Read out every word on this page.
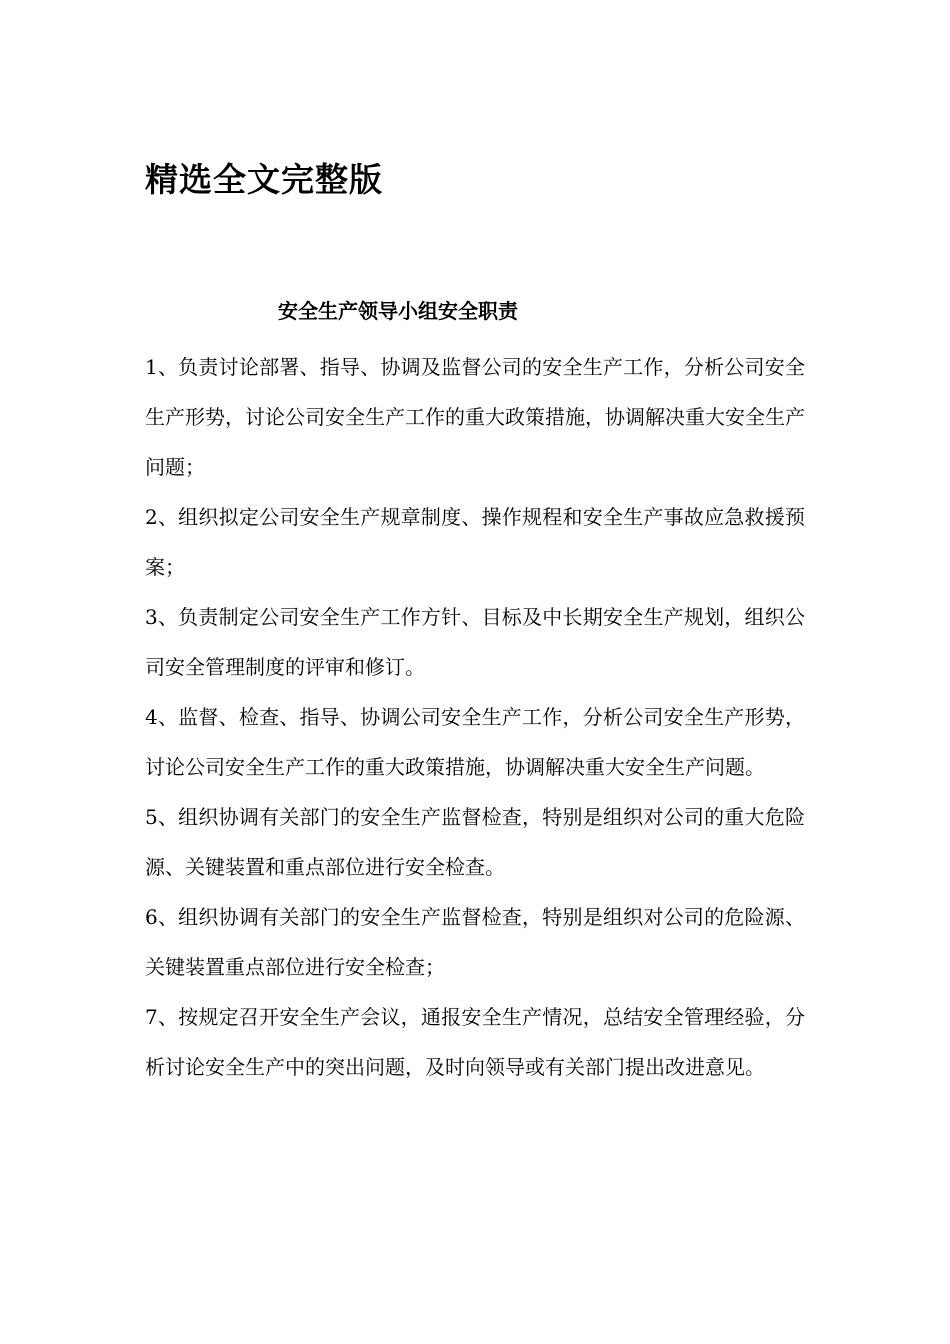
精选全文完整版
安全生产领导小组安全职责

1、负责讨论部署、指导、协调及监督公司的安全生产工作，分析公司安全生产形势，讨论公司安全生产工作的重大政策措施，协调解决重大安全生产问题；

2、组织拟定公司安全生产规章制度、操作规程和安全生产事故应急救援预案；

3、负责制定公司安全生产工作方针、目标及中长期安全生产规划，组织公司安全管理制度的评审和修订。

4、监督、检查、指导、协调公司安全生产工作，分析公司安全生产形势，讨论公司安全生产工作的重大政策措施，协调解决重大安全生产问题。

5、组织协调有关部门的安全生产监督检查，特别是组织对公司的重大危险源、关键装置和重点部位进行安全检查。

6、组织协调有关部门的安全生产监督检查，特别是组织对公司的危险源、关键装置重点部位进行安全检查；

7、按规定召开安全生产会议，通报安全生产情况，总结安全管理经验，分析讨论安全生产中的突出问题，及时向领导或有关部门提出改进意见。
